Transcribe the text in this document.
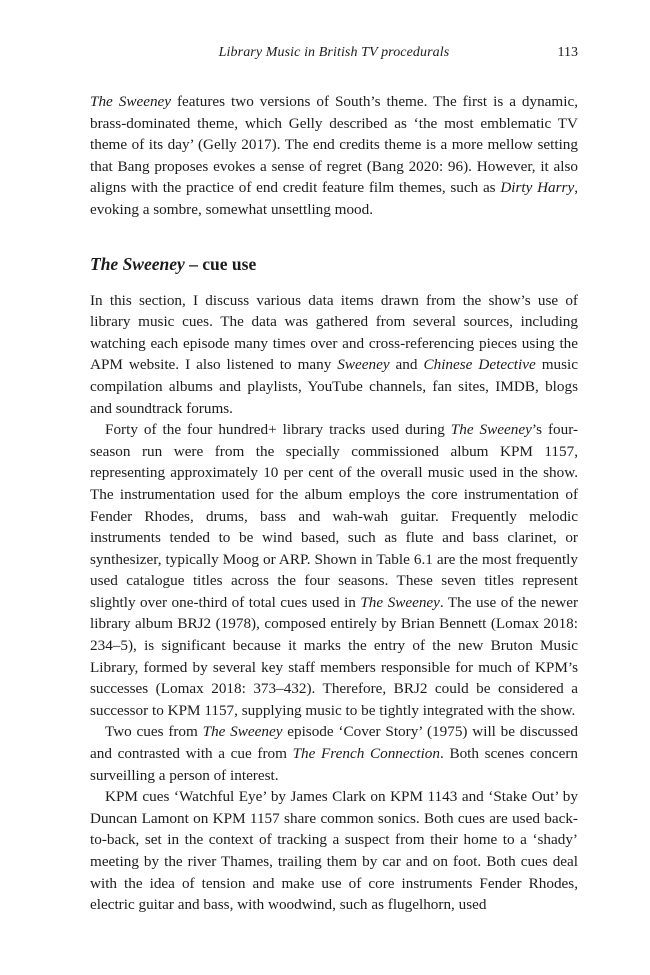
Library Music in British TV procedurals	113

The Sweeney features two versions of South’s theme. The first is a dynamic, brass-dominated theme, which Gelly described as ‘the most emblematic TV theme of its day’ (Gelly 2017). The end credits theme is a more mellow setting that Bang proposes evokes a sense of regret (Bang 2020: 96). However, it also aligns with the practice of end credit feature film themes, such as Dirty Harry, evoking a sombre, somewhat unsettling mood.

The Sweeney – cue use

In this section, I discuss various data items drawn from the show’s use of library music cues. The data was gathered from several sources, including watching each episode many times over and cross-referencing pieces using the APM website. I also listened to many Sweeney and Chinese Detective music compilation albums and playlists, YouTube channels, fan sites, IMDB, blogs and soundtrack forums.

Forty of the four hundred+ library tracks used during The Sweeney’s four-season run were from the specially commissioned album KPM 1157, representing approximately 10 per cent of the overall music used in the show. The instrumentation used for the album employs the core instrumentation of Fender Rhodes, drums, bass and wah-wah guitar. Frequently melodic instruments tended to be wind based, such as flute and bass clarinet, or synthesizer, typically Moog or ARP. Shown in Table 6.1 are the most frequently used catalogue titles across the four seasons. These seven titles represent slightly over one-third of total cues used in The Sweeney. The use of the newer library album BRJ2 (1978), composed entirely by Brian Bennett (Lomax 2018: 234–5), is significant because it marks the entry of the new Bruton Music Library, formed by several key staff members responsible for much of KPM’s successes (Lomax 2018: 373–432). Therefore, BRJ2 could be considered a successor to KPM 1157, supplying music to be tightly integrated with the show.

Two cues from The Sweeney episode ‘Cover Story’ (1975) will be discussed and contrasted with a cue from The French Connection. Both scenes concern surveilling a person of interest.

KPM cues ‘Watchful Eye’ by James Clark on KPM 1143 and ‘Stake Out’ by Duncan Lamont on KPM 1157 share common sonics. Both cues are used back-to-back, set in the context of tracking a suspect from their home to a ‘shady’ meeting by the river Thames, trailing them by car and on foot. Both cues deal with the idea of tension and make use of core instruments Fender Rhodes, electric guitar and bass, with woodwind, such as flugelhorn, used
